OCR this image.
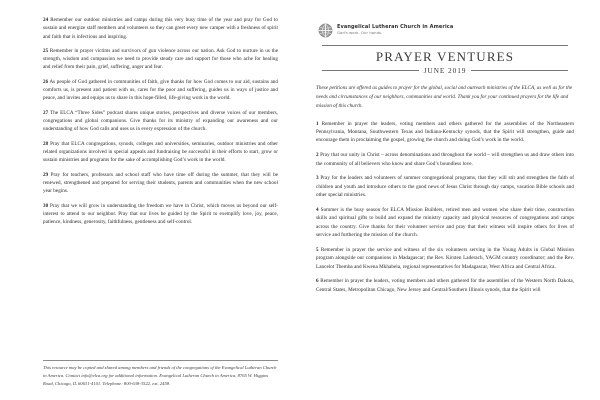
24 Remember our outdoor ministries and camps during this very busy time of the year and pray for God to sustain and energize staff members and volunteers so they can greet every new camper with a freshness of spirit and faith that is infectious and inspiring.

25 Remember in prayer victims and survivors of gun violence across our nation. Ask God to nurture in us the strength, wisdom and compassion we need to provide steady care and support for those who ache for healing and relief from their pain, grief, suffering, anger and fear.

26 As people of God gathered in communities of faith, give thanks for how God comes to our aid, sustains and comforts us, is present and patient with us, cares for the poor and suffering, guides us in ways of justice and peace, and invites and equips us to share in this hope-filled, life-giving work in the world.

27 The ELCA “Three Sides” podcast shares unique stories, perspectives and diverse voices of our members, congregations and global companions. Give thanks for its ministry of expanding our awareness and our understanding of how God calls and uses us in every expression of the church.

28 Pray that ELCA congregations, synods, colleges and universities, seminaries, outdoor ministries and other related organizations involved in special appeals and fundraising be successful in their efforts to start, grow or sustain ministries and programs for the sake of accomplishing God’s work in the world.

29 Pray for teachers, professors and school staff who have time off during the summer, that they will be renewed, strengthened and prepared for serving their students, parents and communities when the new school year begins.

30 Pray that we will grow in understanding the freedom we have in Christ, which moves us beyond our self-interest to attend to our neighbor. Pray that our lives be guided by the Spirit to exemplify love, joy, peace, patience, kindness, generosity, faithfulness, gentleness and self-control.

This resource may be copied and shared among members and friends of the congregations of the Evangelical Lutheran Church in America. Contact info@elca.org for additional information. Evangelical Lutheran Church in America, 8765 W. Higgins Road, Chicago, IL 60631-4101. Telephone: 800-638-3522, ext. 2458.

Evangelical Lutheran Church in America
God's work. Our hands.
PRAYER VENTURES
JUNE 2019

These petitions are offered as guides to prayer for the global, social and outreach ministries of the ELCA, as well as for the needs and circumstances of our neighbors, communities and world. Thank you for your continued prayers for the life and mission of this church.

1 Remember in prayer the leaders, voting members and others gathered for the assemblies of the Northeastern Pennsylvania, Montana, Southwestern Texas and Indiana-Kentucky synods, that the Spirit will strengthen, guide and encourage them in proclaiming the gospel, growing the church and doing God’s work in the world.

2 Pray that our unity in Christ – across denominations and throughout the world – will strengthen us and draw others into the community of all believers who know and share God’s boundless love.

3 Pray for the leaders and volunteers of summer congregational programs, that they will stir and strengthen the faith of children and youth and introduce others to the good news of Jesus Christ through day camps, vacation Bible schools and other special ministries.

4 Summer is the busy season for ELCA Mission Builders, retired men and women who share their time, construction skills and spiritual gifts to build and expand the ministry capacity and physical resources of congregations and camps across the country. Give thanks for their volunteer service and pray that their witness will inspire others for lives of service and furthering the mission of the church.

5 Remember in prayer the service and witness of the six volunteers serving in the Young Adults in Global Mission program alongside our companions in Madagascar; the Rev. Kirsten Laderach, YAGM country coordinator; and the Rev. Lancelot Themba and Kwena Mkhabela, regional representatives for Madagascar, West Africa and Central Africa.

6 Remember in prayer the leaders, voting members and others gathered for the assemblies of the Western North Dakota, Central States, Metropolitan Chicago, New Jersey and Central/Southern Illinois synods, that the Spirit will
